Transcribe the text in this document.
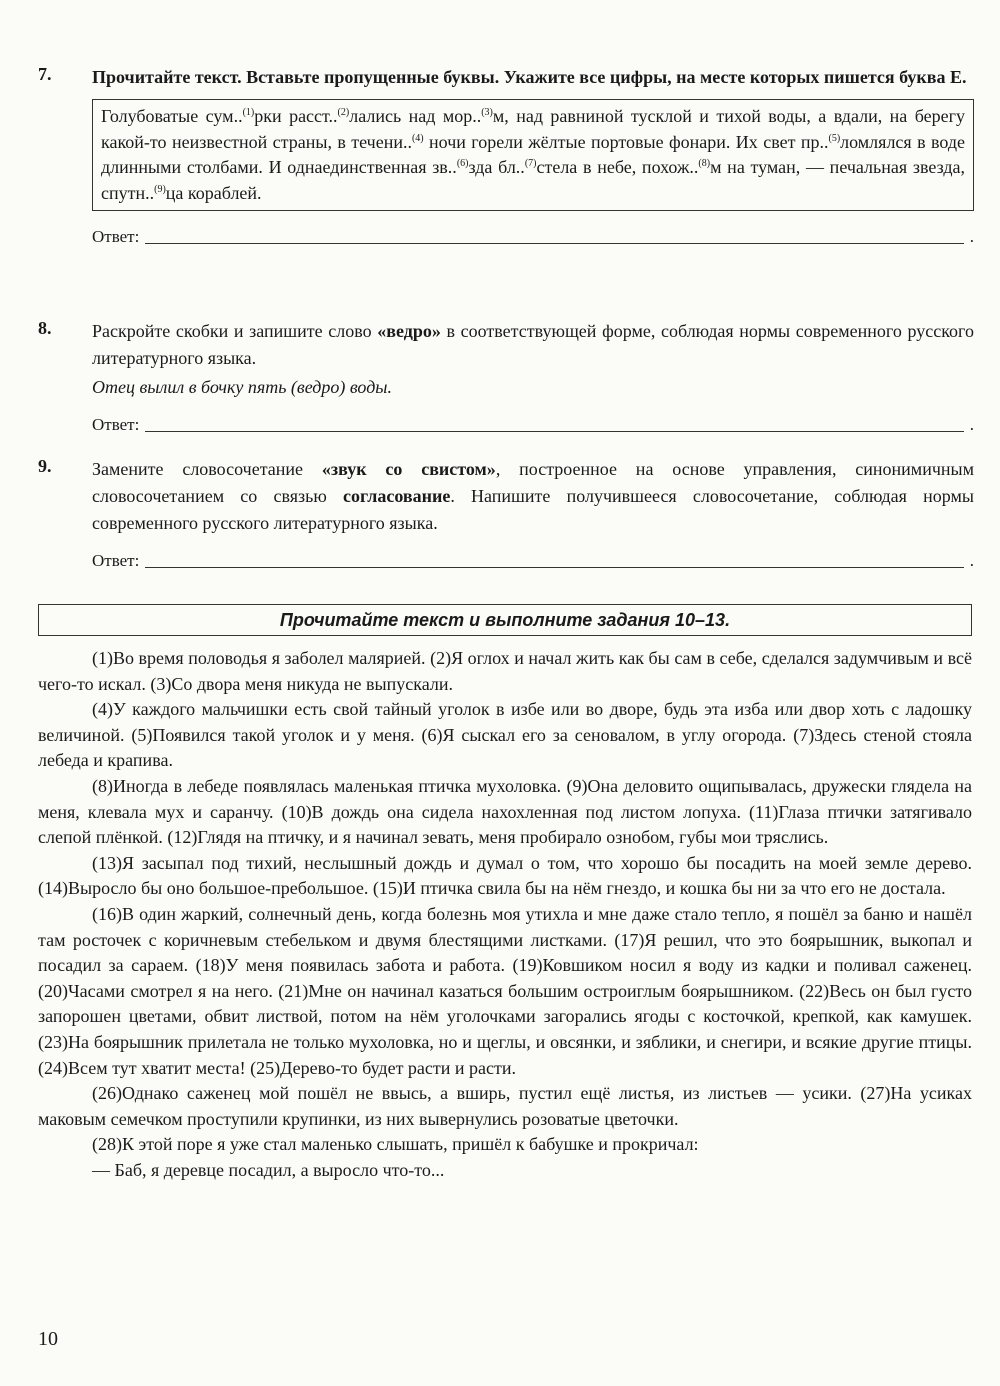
7. Прочитайте текст. Вставьте пропущенные буквы. Укажите все цифры, на месте которых пишется буква Е.
Голубоватые сум..$^{(1)}$рки расст..$^{(2)}$лались над мор..$^{(3)}$м, над равниной тусклой и тихой воды, а вдали, на берегу какой-то неизвестной страны, в течени..$^{(4)}$ ночи горели жёлтые портовые фонари. Их свет пр..$^{(5)}$ломлялся в воде длинными столбами. И однаединственная зв..$^{(6)}$зда бл..$^{(7)}$стела в небе, похож..$^{(8)}$м на туман, — печальная звезда, спутн..$^{(9)}$ца кораблей.
Ответ:	.
8. Раскройте скобки и запишите слово «ведро» в соответствующей форме, соблюдая нормы современного русского литературного языка.
Отец вылил в бочку пять (ведро) воды.
Ответ:	.
9. Замените словосочетание «звук со свистом», построенное на основе управления, синонимичным словосочетанием со связью согласование. Напишите получившееся словосочетание, соблюдая нормы современного русского литературного языка.
Ответ:	.
Прочитайте текст и выполните задания 10–13.

(1)Во время половодья я заболел малярией. (2)Я оглох и начал жить как бы сам в себе, сделался задумчивым и всё чего-то искал. (3)Со двора меня никуда не выпускали.

(4)У каждого мальчишки есть свой тайный уголок в избе или во дворе, будь эта изба или двор хоть с ладошку величиной. (5)Появился такой уголок и у меня. (6)Я сыскал его за сеновалом, в углу огорода. (7)Здесь стеной стояла лебеда и крапива.

(8)Иногда в лебеде появлялась маленькая птичка мухоловка. (9)Она деловито ощипывалась, дружески глядела на меня, клевала мух и саранчу. (10)В дождь она сидела нахохленная под листом лопуха. (11)Глаза птички затягивало слепой плёнкой. (12)Глядя на птичку, и я начинал зевать, меня пробирало ознобом, губы мои тряслись.

(13)Я засыпал под тихий, неслышный дождь и думал о том, что хорошо бы посадить на моей земле дерево. (14)Выросло бы оно большое-пребольшое. (15)И птичка свила бы на нём гнездо, и кошка бы ни за что его не достала.

(16)В один жаркий, солнечный день, когда болезнь моя утихла и мне даже стало тепло, я пошёл за баню и нашёл там росточек с коричневым стебельком и двумя блестящими листками. (17)Я решил, что это боярышник, выкопал и посадил за сараем. (18)У меня появилась забота и работа. (19)Ковшиком носил я воду из кадки и поливал саженец. (20)Часами смотрел я на него. (21)Мне он начинал казаться большим остроиглым боярышником. (22)Весь он был густо запорошен цветами, обвит листвой, потом на нём уголочками загорались ягоды с косточкой, крепкой, как камушек. (23)На боярышник прилетала не только мухоловка, но и щеглы, и овсянки, и зяблики, и снегири, и всякие другие птицы. (24)Всем тут хватит места! (25)Дерево-то будет расти и расти.

(26)Однако саженец мой пошёл не ввысь, а вширь, пустил ещё листья, из листьев — усики. (27)На усиках маковым семечком проступили крупинки, из них вывернулись розоватые цветочки.

(28)К этой поре я уже стал маленько слышать, пришёл к бабушке и прокричал:

— Баб, я деревце посадил, а выросло что-то...

10
